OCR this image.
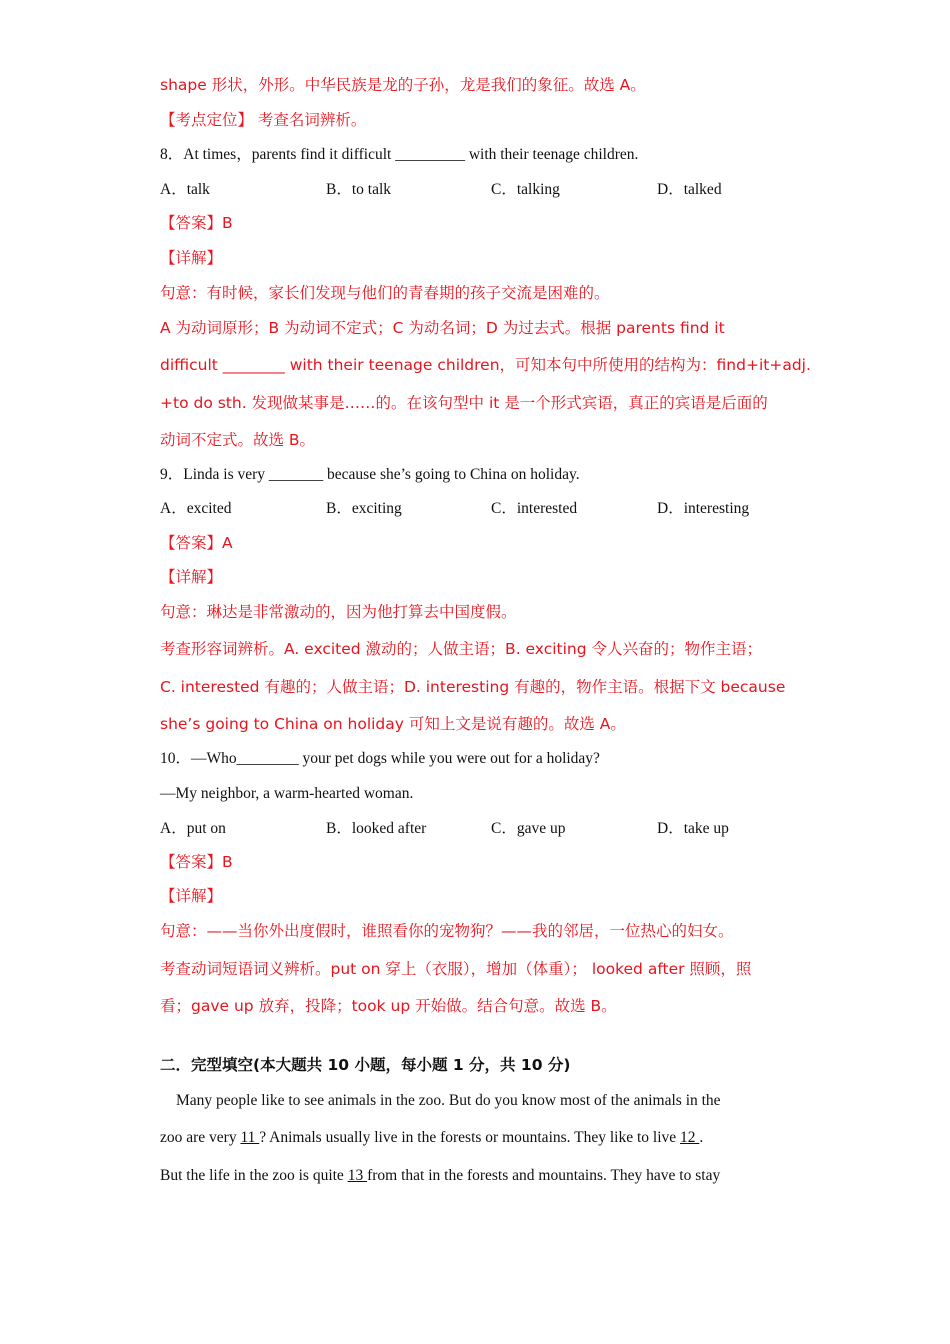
shape 形状，外形。中华民族是龙的子孙，龙是我们的象征。故选 A。
【考点定位】 考查名词辨析。
8．At times，parents find it difficult _________ with their teenage children.
A．talk	B．to talk	C．talking	D．talked
【答案】B
【详解】
句意：有时候，家长们发现与他们的青春期的孩子交流是困难的。
A 为动词原形；B 为动词不定式；C 为动名词；D 为过去式。根据 parents find it
difficult ________ with their teenage children，可知本句中所使用的结构为：find+it+adj.
+to do sth. 发现做某事是……的。在该句型中 it 是一个形式宾语，真正的宾语是后面的
动词不定式。故选 B。
9．Linda is very _______ because she’s going to China on holiday.
A．excited	B．exciting	C．interested	D．interesting
【答案】A
【详解】
句意：琳达是非常激动的，因为他打算去中国度假。
考查形容词辨析。A. excited 激动的；人做主语；B. exciting 令人兴奋的；物作主语；
C. interested 有趣的；人做主语；D. interesting 有趣的，物作主语。根据下文 because
she’s going to China on holiday 可知上文是说有趣的。故选 A。
10．—Who________ your pet dogs while you were out for a holiday?
—My neighbor, a warm-hearted woman.
A．put on	B．looked after	C．gave up	D．take up
【答案】B
【详解】
句意：——当你外出度假时，谁照看你的宠物狗？——我的邻居，一位热心的妇女。
考查动词短语词义辨析。put on 穿上（衣服），增加（体重）； looked after 照顾，照
看；gave up 放弃，投降；took up 开始做。结合句意。故选 B。
二．完型填空(本大题共 10 小题，每小题 1 分，共 10 分)
Many people like to see animals in the zoo. But do you know most of the animals in the
zoo are very 11 ? Animals usually live in the forests or mountains. They like to live 12 .
But the life in the zoo is quite 13 from that in the forests and mountains. They have to stay
